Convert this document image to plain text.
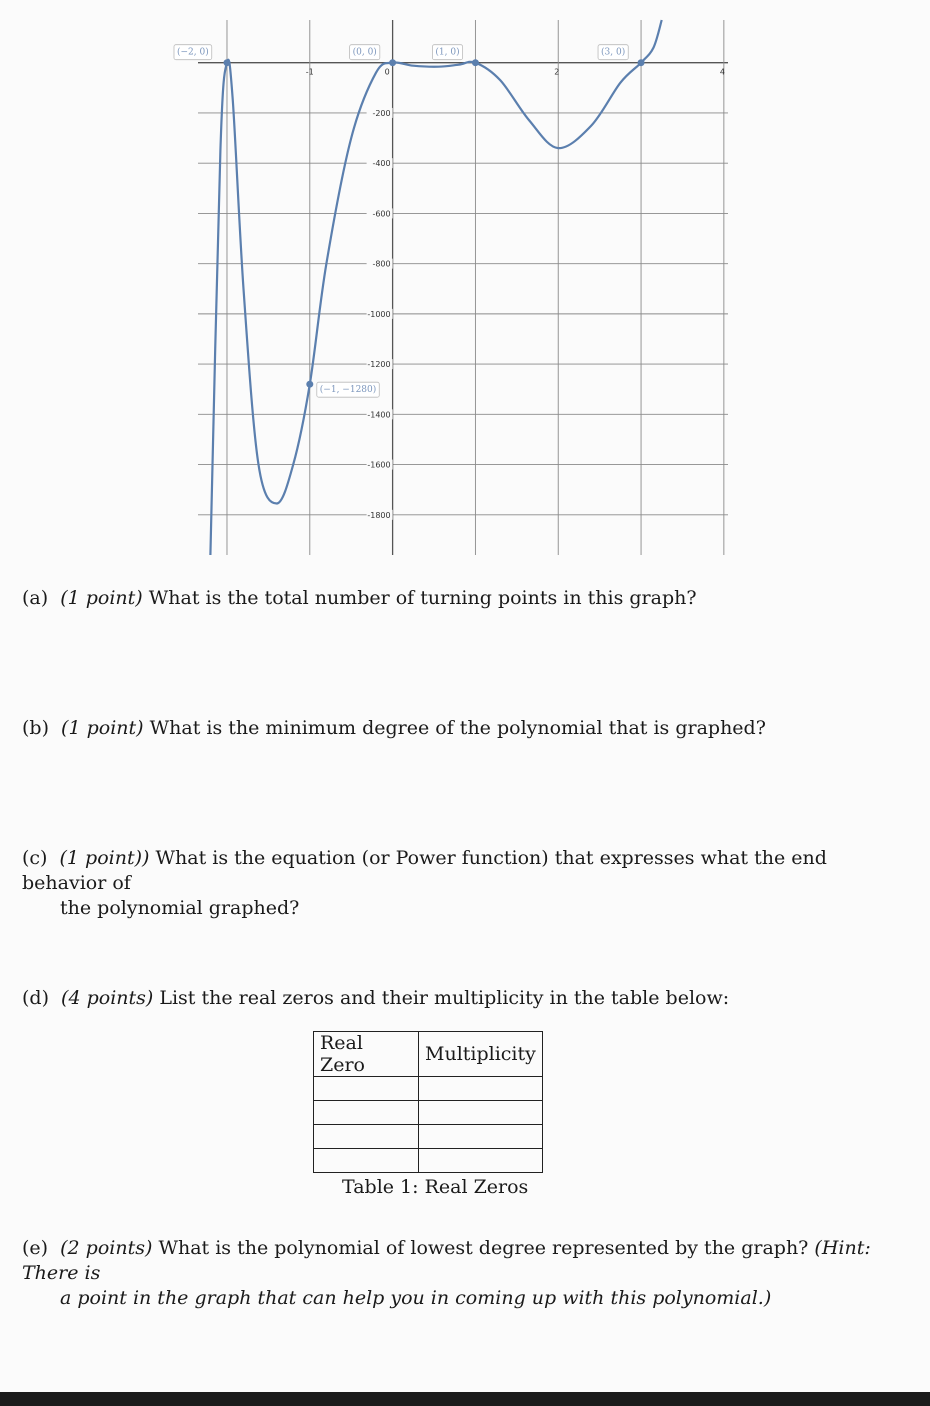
-1	0	2	4
-200
-400
-600
-800
-1000
-1200
-1400
-1600
-1800
(−2, 0)	(0, 0)	(1, 0)	(3, 0)
(−1, −1280)

(a) (1 point) What is the total number of turning points in this graph?

(b) (1 point) What is the minimum degree of the polynomial that is graphed?

(c) (1 point)) What is the equation (or Power function) that expresses what the end behavior of
the polynomial graphed?

(d) (4 points) List the real zeros and their multiplicity in the table below:

Real Zero	Multiplicity

Table 1: Real Zeros

(e) (2 points) What is the polynomial of lowest degree represented by the graph? (Hint: There is
a point in the graph that can help you in coming up with this polynomial.)
